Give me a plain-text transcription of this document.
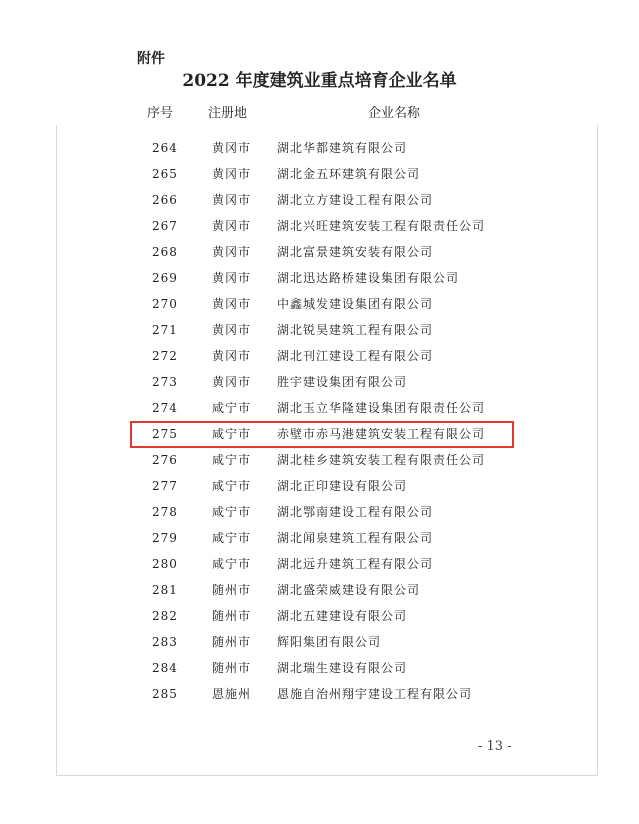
附件
2022 年度建筑业重点培育企业名单
序号	注册地	企业名称
264	黄冈市 湖北华都建筑有限公司
265	黄冈市 湖北金五环建筑有限公司
266	黄冈市 湖北立方建设工程有限公司
267	黄冈市 湖北兴旺建筑安装工程有限责任公司
268	黄冈市 湖北富景建筑安装有限公司
269	黄冈市 湖北迅达路桥建设集团有限公司
270	黄冈市 中鑫城发建设集团有限公司
271	黄冈市 湖北锐昊建筑工程有限公司
272	黄冈市 湖北刊江建设工程有限公司
273	黄冈市 胜宇建设集团有限公司
274	咸宁市 湖北玉立华隆建设集团有限责任公司
275	咸宁市 赤壁市赤马港建筑安装工程有限公司
276	咸宁市 湖北桂乡建筑安装工程有限责任公司
277	咸宁市 湖北正印建设有限公司
278	咸宁市 湖北鄂南建设工程有限公司
279	咸宁市 湖北闻泉建筑工程有限公司
280	咸宁市 湖北远升建筑工程有限公司
281	随州市 湖北盛荣威建设有限公司
282	随州市 湖北五建建设有限公司
283	随州市 辉阳集团有限公司
284	随州市 湖北瑞生建设有限公司
285	恩施州 恩施自治州翔宇建设工程有限公司
- 13 -
